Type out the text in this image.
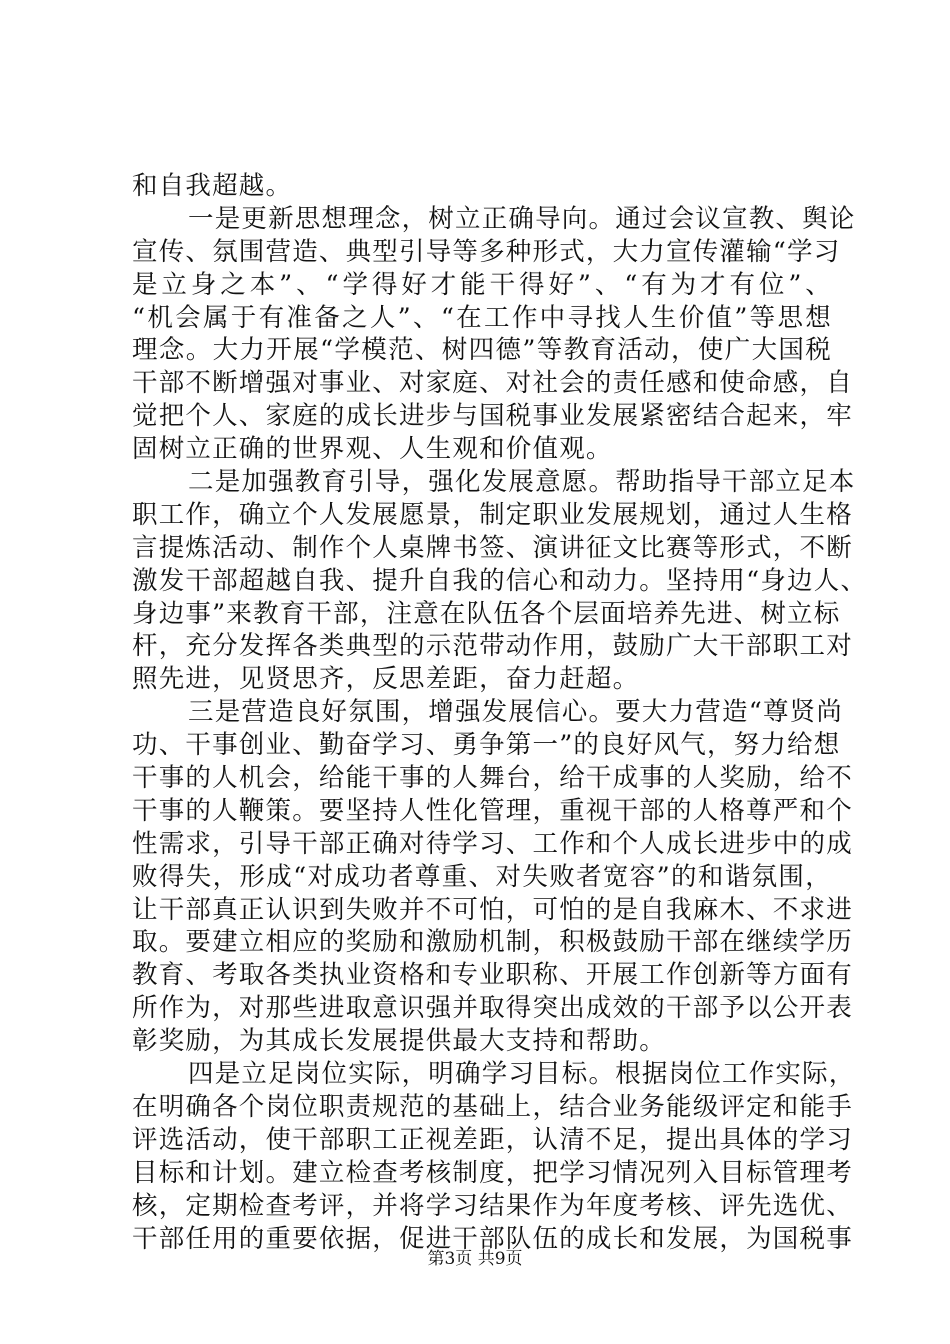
和自我超越。
一是更新思想理念，树立正确导向。通过会议宣教、舆论
宣传、氛围营造、典型引导等多种形式，大力宣传灌输“学习
是立身之本”、“学得好才能干得好”、“有为才有位”、
“机会属于有准备之人”、“在工作中寻找人生价值”等思想
理念。大力开展“学模范、树四德”等教育活动，使广大国税
干部不断增强对事业、对家庭、对社会的责任感和使命感，自
觉把个人、家庭的成长进步与国税事业发展紧密结合起来，牢
固树立正确的世界观、人生观和价值观。
二是加强教育引导，强化发展意愿。帮助指导干部立足本
职工作，确立个人发展愿景，制定职业发展规划，通过人生格
言提炼活动、制作个人桌牌书签、演讲征文比赛等形式，不断
激发干部超越自我、提升自我的信心和动力。坚持用“身边人、
身边事”来教育干部，注意在队伍各个层面培养先进、树立标
杆，充分发挥各类典型的示范带动作用，鼓励广大干部职工对
照先进，见贤思齐，反思差距，奋力赶超。
三是营造良好氛围，增强发展信心。要大力营造“尊贤尚
功、干事创业、勤奋学习、勇争第一”的良好风气，努力给想
干事的人机会，给能干事的人舞台，给干成事的人奖励，给不
干事的人鞭策。要坚持人性化管理，重视干部的人格尊严和个
性需求，引导干部正确对待学习、工作和个人成长进步中的成
败得失，形成“对成功者尊重、对失败者宽容”的和谐氛围，
让干部真正认识到失败并不可怕，可怕的是自我麻木、不求进
取。要建立相应的奖励和激励机制，积极鼓励干部在继续学历
教育、考取各类执业资格和专业职称、开展工作创新等方面有
所作为，对那些进取意识强并取得突出成效的干部予以公开表
彰奖励，为其成长发展提供最大支持和帮助。
四是立足岗位实际，明确学习目标。根据岗位工作实际，
在明确各个岗位职责规范的基础上，结合业务能级评定和能手
评选活动，使干部职工正视差距，认清不足，提出具体的学习
目标和计划。建立检查考核制度，把学习情况列入目标管理考
核，定期检查考评，并将学习结果作为年度考核、评先选优、
干部任用的重要依据，促进干部队伍的成长和发展，为国税事
第3页 共9页
